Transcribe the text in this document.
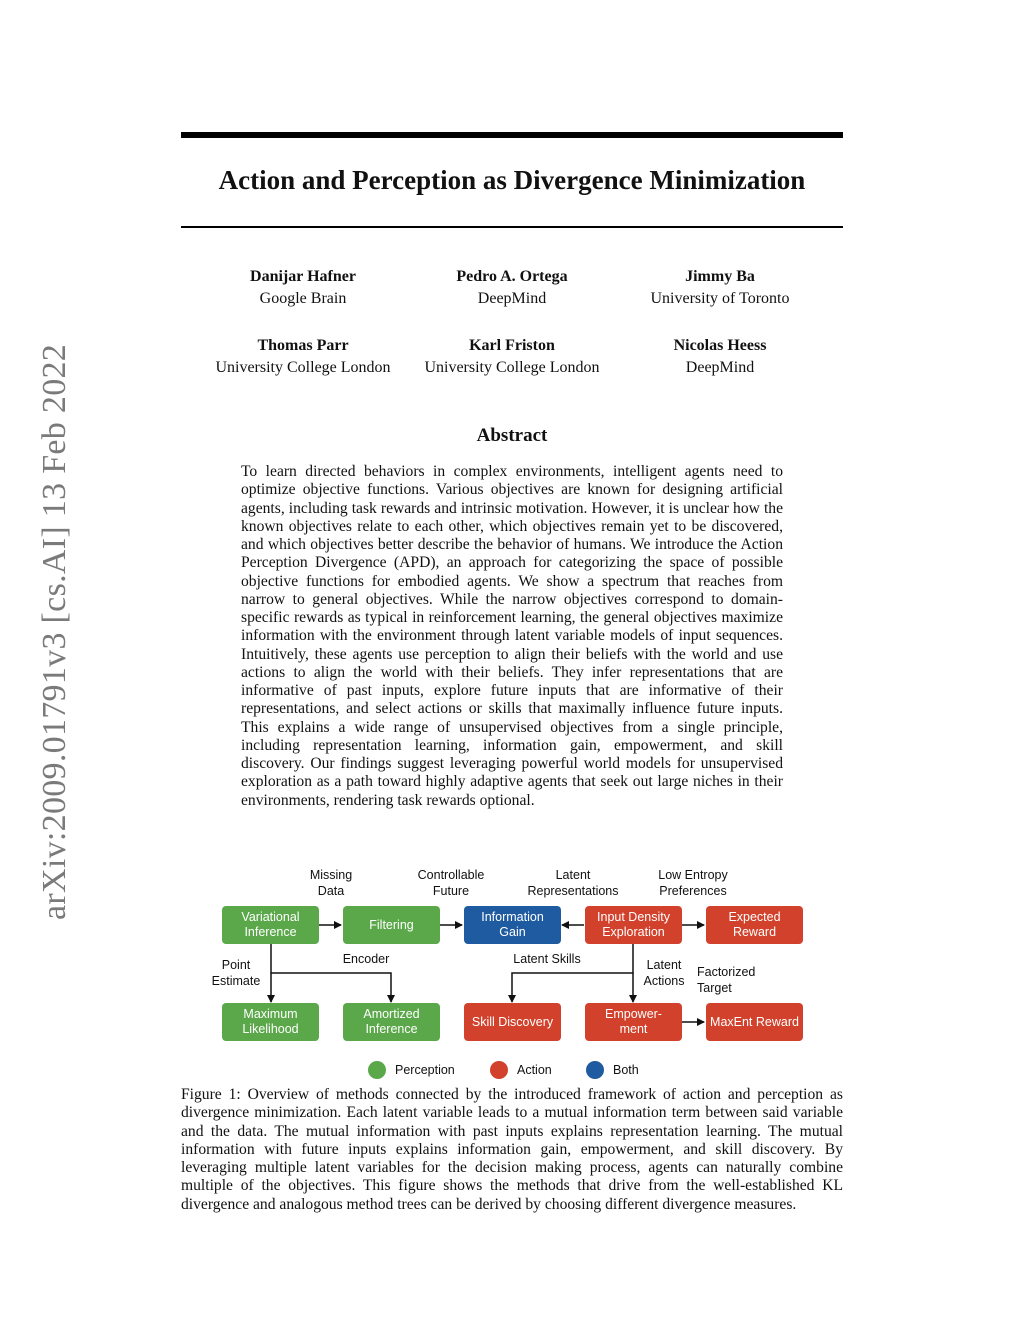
arXiv:2009.01791v3 [cs.AI] 13 Feb 2022
Action and Perception as Divergence Minimization
Danijar Hafner
Google Brain
Pedro A. Ortega
DeepMind
Jimmy Ba
University of Toronto
Thomas Parr
University College London
Karl Friston
University College London
Nicolas Heess
DeepMind
Abstract
To learn directed behaviors in complex environments, intelligent agents need to optimize objective functions. Various objectives are known for designing artificial agents, including task rewards and intrinsic motivation. However, it is unclear how the known objectives relate to each other, which objectives remain yet to be discovered, and which objectives better describe the behavior of humans. We introduce the Action Perception Divergence (APD), an approach for categorizing the space of possible objective functions for embodied agents. We show a spectrum that reaches from narrow to general objectives. While the narrow objectives correspond to domain-specific rewards as typical in reinforcement learning, the general objectives maximize information with the environment through latent variable models of input sequences. Intuitively, these agents use perception to align their beliefs with the world and use actions to align the world with their beliefs. They infer representations that are informative of past inputs, explore future inputs that are informative of their representations, and select actions or skills that maximally influence future inputs. This explains a wide range of unsupervised objectives from a single principle, including representation learning, information gain, empowerment, and skill discovery. Our findings suggest leveraging powerful world models for unsupervised exploration as a path toward highly adaptive agents that seek out large niches in their environments, rendering task rewards optional.
Missing
Data
Controllable
Future
Latent
Representations
Low Entropy
Preferences
Variational Inference
Filtering
Information Gain
Input Density Exploration
Expected Reward
Point
Estimate
Encoder	Latent Skills	Latent
Actions
Factorized
Target
Maximum Likelihood
Amortized Inference
Skill Discovery
Empower-
ment
MaxEnt Reward
Perception	Action	Both
Figure 1: Overview of methods connected by the introduced framework of action and perception as divergence minimization. Each latent variable leads to a mutual information term between said variable and the data. The mutual information with past inputs explains representation learning. The mutual information with future inputs explains information gain, empowerment, and skill discovery. By leveraging multiple latent variables for the decision making process, agents can naturally combine multiple of the objectives. This figure shows the methods that drive from the well-established KL divergence and analogous method trees can be derived by choosing different divergence measures.
